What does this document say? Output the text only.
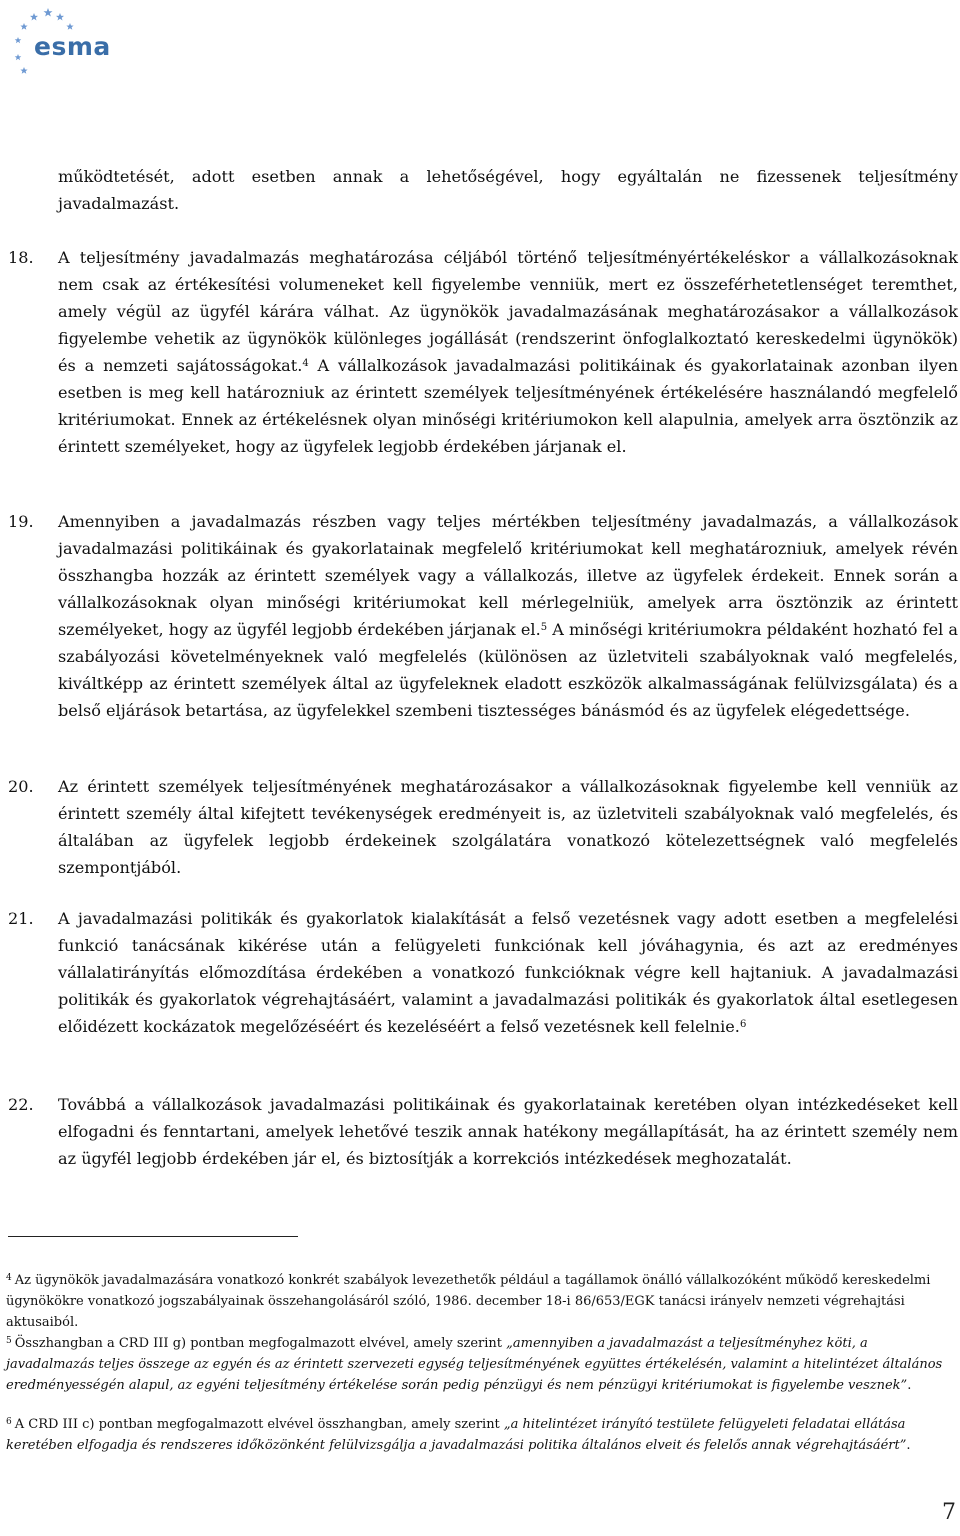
esma
működtetését, adott esetben annak a lehetőségével, hogy egyáltalán ne fizessenek teljesítmény javadalmazást.
18.	A teljesítmény javadalmazás meghatározása céljából történő teljesítményértékeléskor a vállalkozásoknak nem csak az értékesítési volumeneket kell figyelembe venniük, mert ez összeférhetetlenséget teremthet, amely végül az ügyfél kárára válhat. Az ügynökök javadalmazásának meghatározásakor a vállalkozások figyelembe vehetik az ügynökök különleges jogállását (rendszerint önfoglalkoztató kereskedelmi ügynökök) és a nemzeti sajátosságokat.$^4$ A vállalkozások javadalmazási politikáinak és gyakorlatainak azonban ilyen esetben is meg kell határozniuk az érintett személyek teljesítményének értékelésére használandó megfelelő kritériumokat. Ennek az értékelésnek olyan minőségi kritériumokon kell alapulnia, amelyek arra ösztönzik az érintett személyeket, hogy az ügyfelek legjobb érdekében járjanak el.
19.	Amennyiben a javadalmazás részben vagy teljes mértékben teljesítmény javadalmazás, a vállalkozások javadalmazási politikáinak és gyakorlatainak megfelelő kritériumokat kell meghatározniuk, amelyek révén összhangba hozzák az érintett személyek vagy a vállalkozás, illetve az ügyfelek érdekeit. Ennek során a vállalkozásoknak olyan minőségi kritériumokat kell mérlegelniük, amelyek arra ösztönzik az érintett személyeket, hogy az ügyfél legjobb érdekében járjanak el.$^5$ A minőségi kritériumokra példaként hozható fel a szabályozási követelményeknek való megfelelés (különösen az üzletviteli szabályoknak való megfelelés, kiváltképp az érintett személyek által az ügyfeleknek eladott eszközök alkalmasságának felülvizsgálata) és a belső eljárások betartása, az ügyfelekkel szembeni tisztességes bánásmód és az ügyfelek elégedettsége.
20.	Az érintett személyek teljesítményének meghatározásakor a vállalkozásoknak figyelembe kell venniük az érintett személy által kifejtett tevékenységek eredményeit is, az üzletviteli szabályoknak való megfelelés, és általában az ügyfelek legjobb érdekeinek szolgálatára vonatkozó kötelezettségnek való megfelelés szempontjából.
21.	A javadalmazási politikák és gyakorlatok kialakítását a felső vezetésnek vagy adott esetben a megfelelési funkció tanácsának kikérése után a felügyeleti funkciónak kell jóváhagynia, és azt az eredményes vállalatirányítás előmozdítása érdekében a vonatkozó funkcióknak végre kell hajtaniuk. A javadalmazási politikák és gyakorlatok végrehajtásáért, valamint a javadalmazási politikák és gyakorlatok által esetlegesen előidézett kockázatok megelőzéséért és kezeléséért a felső vezetésnek kell felelnie.$^6$
22.	Továbbá a vállalkozások javadalmazási politikáinak és gyakorlatainak keretében olyan intézkedéseket kell elfogadni és fenntartani, amelyek lehetővé teszik annak hatékony megállapítását, ha az érintett személy nem az ügyfél legjobb érdekében jár el, és biztosítják a korrekciós intézkedések meghozatalát.
$^4$ Az ügynökök javadalmazására vonatkozó konkrét szabályok levezethetők például a tagállamok önálló vállalkozóként működő kereskedelmi ügynökökre vonatkozó jogszabályainak összehangolásáról szóló, 1986. december 18-i 86/653/EGK tanácsi irányelv nemzeti végrehajtási aktusaiból.
$^5$ Összhangban a CRD III g) pontban megfogalmazott elvével, amely szerint „amennyiben a javadalmazást a teljesítményhez köti, a javadalmazás teljes összege az egyén és az érintett szervezeti egység teljesítményének együttes értékelésén, valamint a hitelintézet általános eredményességén alapul, az egyéni teljesítmény értékelése során pedig pénzügyi és nem pénzügyi kritériumokat is figyelembe vesznek”.
$^6$ A CRD III c) pontban megfogalmazott elvével összhangban, amely szerint „a hitelintézet irányító testülete felügyeleti feladatai ellátása keretében elfogadja és rendszeres időközönként felülvizsgálja a javadalmazási politika általános elveit és felelős annak végrehajtásáért”.
7
